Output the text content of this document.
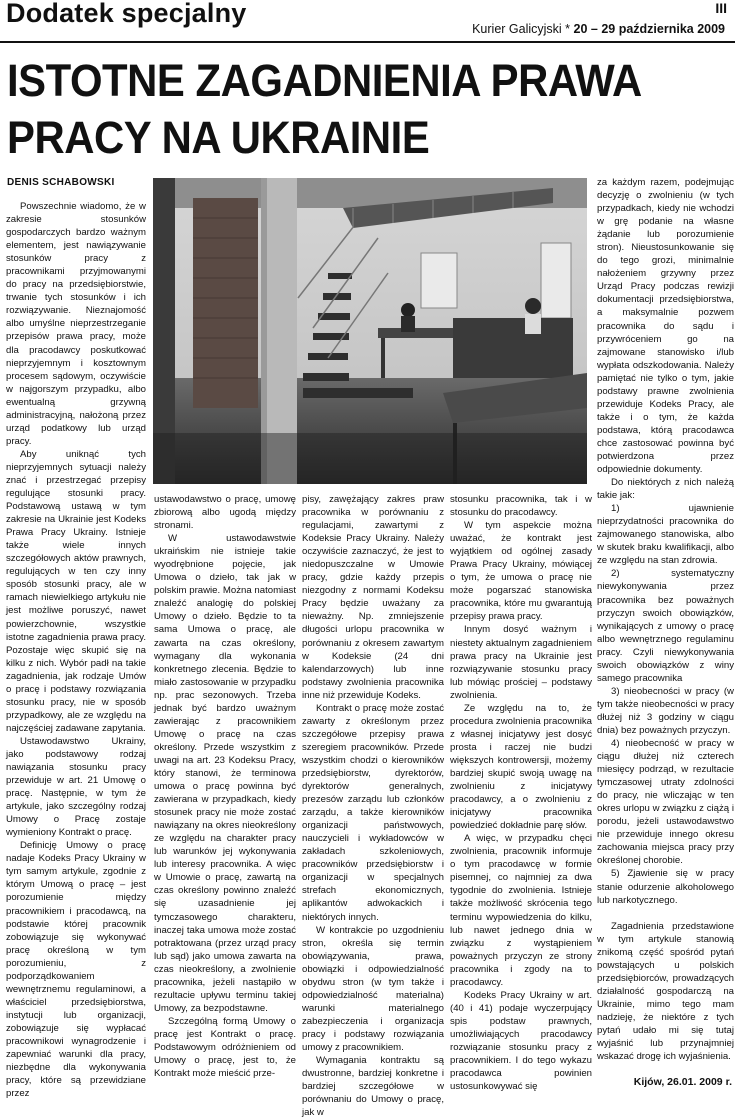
Dodatek specjalny	III
Kurier Galicyjski * 20 – 29 października 2009
ISTOTNE ZAGADNIENIA PRAWA PRACY NA UKRAINIE
DENIS SCHABOWSKI

Powszechnie wiadomo, że w zakresie stosunków gospodarczych bardzo ważnym elementem, jest nawiązywanie stosunków pracy z pracownikami przyjmowanymi do pracy na przedsiębiorstwie, trwanie tych stosunków i ich rozwiązywanie. Nieznajomość albo umyślne nieprzestrzeganie przepisów prawa pracy, może dla pracodawcy poskutkować nieprzyjemnym i kosztownym procesem sądowym, oczywiście w najgorszym przypadku, albo ewentualną grzywną administracyjną, nałożoną przez urząd podatkowy lub urząd pracy.

Aby uniknąć tych nieprzyjemnych sytuacji należy znać i przestrzegać przepisy regulujące stosunki pracy. Podstawową ustawą w tym zakresie na Ukrainie jest Kodeks Prawa Pracy Ukrainy. Istnieje także wiele innych szczegółowych aktów prawnych, regulujących w ten czy inny sposób stosunki pracy, ale w ramach niewielkiego artykułu nie jest możliwe poruszyć, nawet powierzchownie, wszystkie istotne zagadnienia prawa pracy. Pozostaje więc skupić się na kilku z nich. Wybór padł na takie zagadnienia, jak rodzaje Umów o pracę i podstawy rozwiązania stosunku pracy, nie w sposób przypadkowy, ale ze względu na najczęściej zadawane zapytania.

Ustawodawstwo Ukrainy, jako podstawowy rodzaj nawiązania stosunku pracy przewiduje w art. 21 Umowę o pracę. Następnie, w tym że artykule, jako szczególny rodzaj Umowy o Pracę zostaje wymieniony Kontrakt o pracę.

Definicję Umowy o pracę nadaje Kodeks Pracy Ukrainy w tym samym artykule, zgodnie z którym Umową o pracę – jest porozumienie między pracownikiem i pracodawcą, na podstawie której pracownik zobowiązuje się wykonywać pracę określoną w tym porozumieniu, z podporządkowaniem wewnętrznemu regulaminowi, a właściciel przedsiębiorstwa, instytucji lub organizacji, zobowiązuje się wypłacać pracownikowi wynagrodzenie i zapewniać warunki dla pracy, niezbędne dla wykonywania pracy, które są przewidziane przez

ustawodawstwo o pracę, umowę zbiorową albo ugodą między stronami.

W ustawodawstwie ukraińskim nie istnieje takie wyodrębnione pojęcie, jak Umowa o dzieło, tak jak w polskim prawie. Można natomiast znaleźć analogię do polskiej Umowy o dzieło. Będzie to ta sama Umowa o pracę, ale zawarta na czas określony, wymagany dla wykonania konkretnego zlecenia. Będzie to miało zastosowanie w przypadku np. prac sezonowych. Trzeba jednak być bardzo uważnym zawierając z pracownikiem Umowę o pracę na czas określony. Przede wszystkim z uwagi na art. 23 Kodeksu Pracy, który stanowi, że terminowa umowa o pracę powinna być zawierana w przypadkach, kiedy stosunek pracy nie może zostać nawiązany na okres nieokreślony ze względu na charakter pracy lub warunków jej wykonywania lub interesy pracownika. A więc w Umowie o pracę, zawartą na czas określony powinno znaleźć się uzasadnienie jej tymczasowego charakteru, inaczej taka umowa może zostać potraktowana (przez urząd pracy lub sąd) jako umowa zawarta na czas nieokreślony, a zwolnienie pracownika, jeżeli nastąpiło w rezultacie upływu terminu takiej Umowy, za bezpodstawne.

Szczególną formą Umowy o pracę jest Kontrakt o pracę. Podstawowym odróżnieniem od Umowy o pracę, jest to, że Kontrakt może mieścić prze-

pisy, zawężający zakres praw pracownika w porównaniu z regulacjami, zawartymi z Kodeksie Pracy Ukrainy. Należy oczywiście zaznaczyć, że jest to niedopuszczalne w Umowie pracy, gdzie każdy przepis niezgodny z normami Kodeksu Pracy będzie uważany za nieważny. Np. zmniejszenie długości urlopu pracownika w porównaniu z okresem zawartym w Kodeksie (24 dni kalendarzowych) lub inne podstawy zwolnienia pracownika inne niż przewiduje Kodeks.

Kontrakt o pracę może zostać zawarty z określonym przez szczegółowe przepisy prawa szeregiem pracowników. Przede wszystkim chodzi o kierowników przedsiębiorstw, dyrektorów, dyrektorów generalnych, prezesów zarządu lub członków zarządu, a także kierowników organizacji państwowych, nauczycieli i wykładowców w zakładach szkoleniowych, pracowników przedsiębiorstw i organizacji w specjalnych strefach ekonomicznych, aplikantów adwokackich i niektórych innych.

W kontrakcie po uzgodnieniu stron, określa się termin obowiązywania, prawa, obowiązki i odpowiedzialność obydwu stron (w tym także i odpowiedzialność materialna) warunki materialnego zabezpieczenia i organizacja pracy i podstawy rozwiązania umowy z pracownikiem.

Wymagania kontraktu są dwustronne, bardziej konkretne i bardziej szczegółowe w porównaniu do Umowy o pracę, jak w

stosunku pracownika, tak i w stosunku do pracodawcy.

W tym aspekcie można uważać, że kontrakt jest wyjątkiem od ogólnej zasady Prawa Pracy Ukrainy, mówiącej o tym, że umowa o pracę nie może pogarszać stanowiska pracownika, które mu gwarantują przepisy prawa pracy.

Innym dosyć ważnym i niestety aktualnym zagadnieniem prawa pracy na Ukrainie jest rozwiązywanie stosunku pracy lub mówiąc prościej – podstawy zwolnienia.

Ze względu na to, że procedura zwolnienia pracownika z własnej inicjatywy jest dosyć prosta i raczej nie budzi większych kontrowersji, możemy bardziej skupić swoją uwagę na zwolnieniu z inicjatywy pracodawcy, a o zwolnieniu z inicjatywy pracownika powiedzieć dokładnie parę słów.

A więc, w przypadku chęci zwolnienia, pracownik informuje o tym pracodawcę w formie pisemnej, co najmniej za dwa tygodnie do zwolnienia. Istnieje także możliwość skrócenia tego terminu wypowiedzenia do kilku, lub nawet jednego dnia w związku z wystąpieniem poważnych przyczyn ze strony pracownika i zgody na to pracodawcy.

Kodeks Pracy Ukrainy w art. (40 i 41) podaje wyczerpujący spis podstaw prawnych, umożliwiających pracodawcy rozwiązanie stosunku pracy z pracownikiem. I do tego wykazu pracodawca powinien ustosunkowywać się

za każdym razem, podejmując decyzję o zwolnieniu (w tych przypadkach, kiedy nie wchodzi w grę podanie na własne żądanie lub porozumienie stron). Nieustosunkowanie się do tego grozi, minimalnie nałożeniem grzywny przez Urząd Pracy podczas rewizji dokumentacji przedsiębiorstwa, a maksymalnie pozwem pracownika do sądu i przywróceniem go na zajmowane stanowisko i/lub wypłata odszkodowania. Należy pamiętać nie tylko o tym, jakie podstawy prawne zwolnienia przewiduje Kodeks Pracy, ale także i o tym, że każda podstawa, którą pracodawca chce zastosować powinna być potwierdzona przez odpowiednie dokumenty.

Do niektórych z nich należą takie jak:

1) ujawnienie nieprzydatności pracownika do zajmowanego stanowiska, albo w skutek braku kwalifikacji, albo ze względu na stan zdrowia.

2) systematyczny niewykonywania przez pracownika bez poważnych przyczyn swoich obowiązków, wynikających z umowy o pracę albo wewnętrznego regulaminu pracy. Czyli niewykonywania swoich obowiązków z winy samego pracownika

3) nieobecności w pracy (w tym także nieobecności w pracy dłużej niż 3 godziny w ciągu dnia) bez poważnych przyczyn.

4) nieobecność w pracy w ciągu dłużej niż czterech miesięcy podrząd, w rezultacie tymczasowej utraty zdolności do pracy, nie wliczając w ten okres urlopu w związku z ciążą i porodu, jeżeli ustawodawstwo nie przewiduje innego okresu zachowania miejsca pracy przy określonej chorobie.

5) Zjawienie się w pracy stanie odurzenie alkoholowego lub narkotycznego.

Zagadnienia przedstawione w tym artykule stanowią znikomą część spośród pytań powstających u polskich przedsiębiorców, prowadzących działalność gospodarczą na Ukrainie, mimo tego mam nadzieję, że niektóre z tych pytań udało mi się tutaj wyjaśnić lub przynajmniej wskazać drogę ich wyjaśnienia.

Kijów, 26.01. 2009 r.
